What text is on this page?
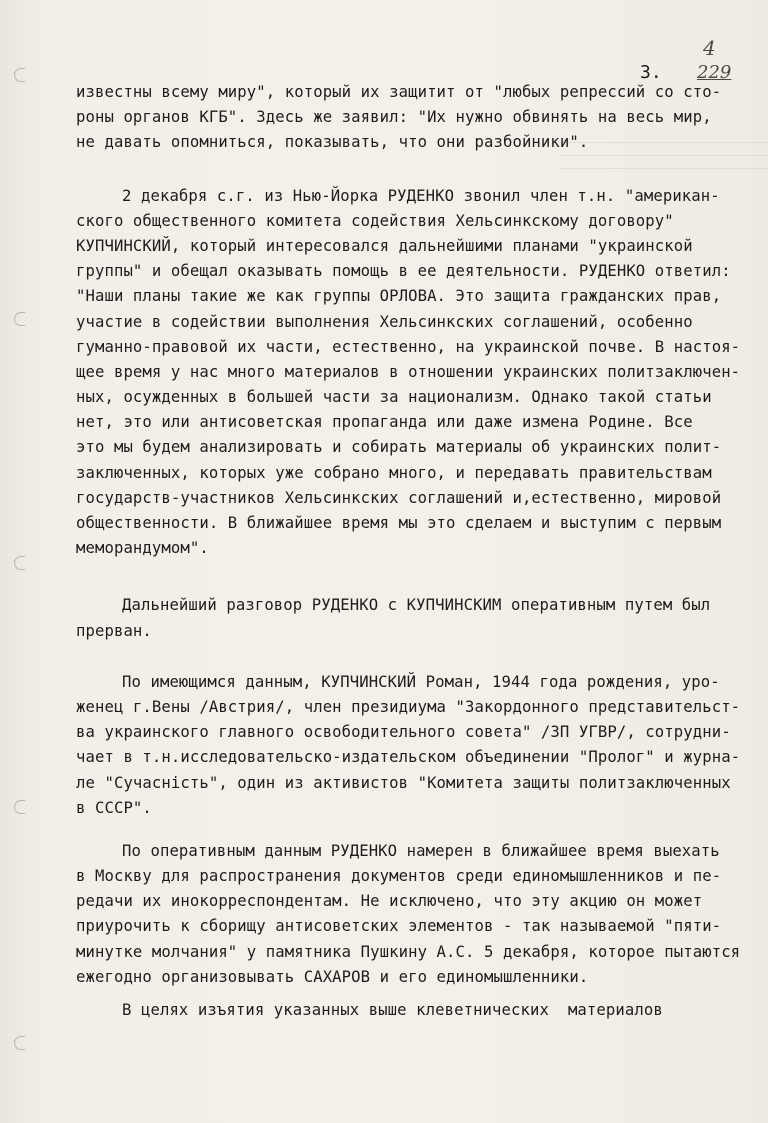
4
229
3.
известны всему миру", который их защитит от "любых репрессий со сто-
роны органов КГБ". Здесь же заявил: "Их нужно обвинять на весь мир,
не давать опомниться, показывать, что они разбойники".
2 декабря с.г. из Нью-Йорка РУДЕНКО звонил член т.н. "американ-
ского общественного комитета содействия Хельсинкскому договору"
КУПЧИНСКИЙ, который интересовался дальнейшими планами "украинской
группы" и обещал оказывать помощь в ее деятельности. РУДЕНКО ответил:
"Наши планы такие же как группы ОРЛОВА. Это защита гражданских прав,
участие в содействии выполнения Хельсинкских соглашений, особенно
гуманно-правовой их части, естественно, на украинской почве. В настоя-
щее время у нас много материалов в отношении украинских политзаключен-
ных, осужденных в большей части за национализм. Однако такой статьи
нет, это или антисоветская пропаганда или даже измена Родине. Все
это мы будем анализировать и собирать материалы об украинских полит-
заключенных, которых уже собрано много, и передавать правительствам
государств-участников Хельсинкских соглашений и,естественно, мировой
общественности. В ближайшее время мы это сделаем и выступим с первым
меморандумом".
Дальнейший разговор РУДЕНКО с КУПЧИНСКИМ оперативным путем был
прерван.
По имеющимся данным, КУПЧИНСКИЙ Роман, 1944 года рождения, уро-
женец г.Вены /Австрия/, член президиума "Закордонного представительст-
ва украинского главного освободительного совета" /ЗП УГВР/, сотрудни-
чает в т.н.исследовательско-издательском объединении "Пролог" и журна-
ле "Сучаснiсть", один из активистов "Комитета защиты политзаключенных
в СССР".
По оперативным данным РУДЕНКО намерен в ближайшее время выехать
в Москву для распространения документов среди единомышленников и пе-
редачи их инокорреспондентам. Не исключено, что эту акцию он может
приурочить к сборищу антисоветских элементов - так называемой "пяти-
минутке молчания" у памятника Пушкину А.С. 5 декабря, которое пытаются
ежегодно организовывать САХАРОВ и его единомышленники.
В целях изъятия указанных выше клеветнических  материалов
